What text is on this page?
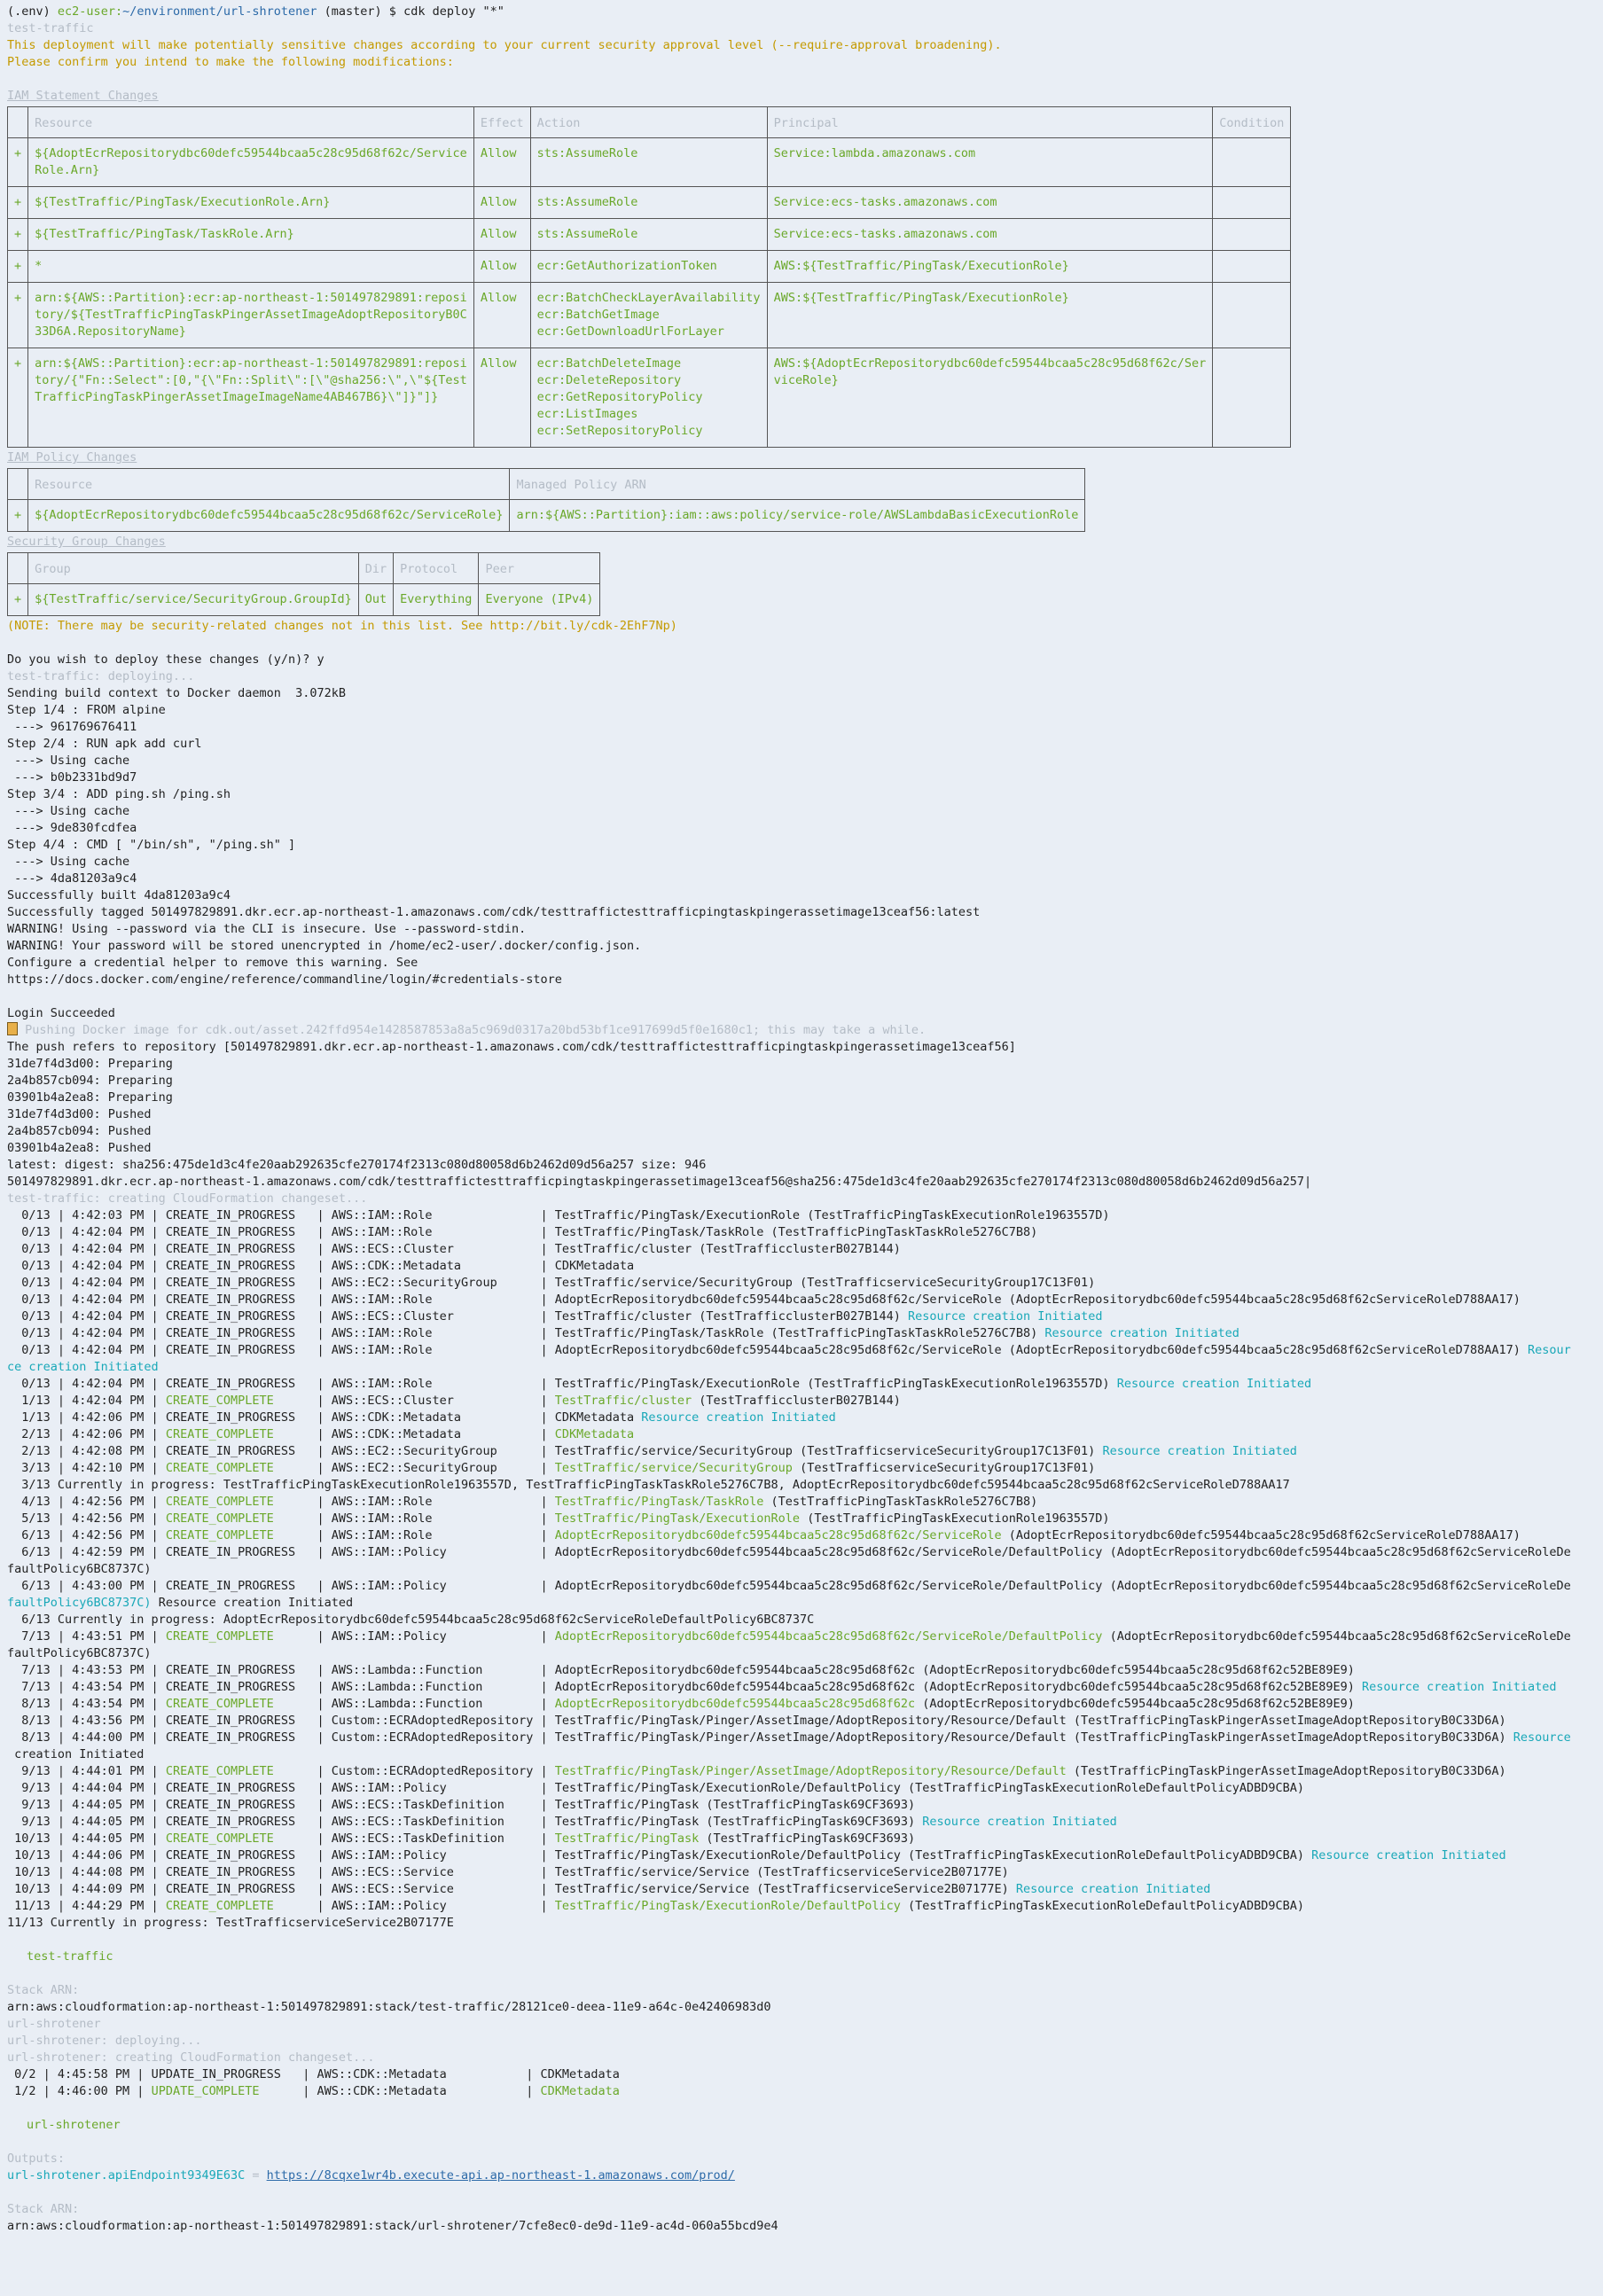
(.env) ec2-user:~/environment/url-shrotener (master) $ cdk deploy "*"
test-traffic
This deployment will make potentially sensitive changes according to your current security approval level (--require-approval broadening).
Please confirm you intend to make the following modifications:
IAM Statement Changes
	Resource	Effect	Action	Principal	Condition
+	${AdoptEcrRepositorydbc60defc59544bcaa5c28c95d68f62c/Service
Role.Arn}	Allow	sts:AssumeRole	Service:lambda.amazonaws.com	
+	${TestTraffic/PingTask/ExecutionRole.Arn}	Allow	sts:AssumeRole	Service:ecs-tasks.amazonaws.com	
+	${TestTraffic/PingTask/TaskRole.Arn}	Allow	sts:AssumeRole	Service:ecs-tasks.amazonaws.com	
+	*	Allow	ecr:GetAuthorizationToken	AWS:${TestTraffic/PingTask/ExecutionRole}	
+	arn:${AWS::Partition}:ecr:ap-northeast-1:501497829891:reposi
tory/${TestTrafficPingTaskPingerAssetImageAdoptRepositoryB0C
33D6A.RepositoryName}	Allow	ecr:BatchCheckLayerAvailability
ecr:BatchGetImage
ecr:GetDownloadUrlForLayer	AWS:${TestTraffic/PingTask/ExecutionRole}	
+	arn:${AWS::Partition}:ecr:ap-northeast-1:501497829891:reposi
tory/{"Fn::Select":[0,"{\"Fn::Split\":[\"@sha256:\",\"${Test
TrafficPingTaskPingerAssetImageImageName4AB467B6}\"]}"]}	Allow	ecr:BatchDeleteImage
ecr:DeleteRepository
ecr:GetRepositoryPolicy
ecr:ListImages
ecr:SetRepositoryPolicy	AWS:${AdoptEcrRepositorydbc60defc59544bcaa5c28c95d68f62c/Ser
viceRole}	
IAM Policy Changes
	Resource	Managed Policy ARN
+	${AdoptEcrRepositorydbc60defc59544bcaa5c28c95d68f62c/ServiceRole}	arn:${AWS::Partition}:iam::aws:policy/service-role/AWSLambdaBasicExecutionRole
Security Group Changes
	Group	Dir	Protocol	Peer
+	${TestTraffic/service/SecurityGroup.GroupId}	Out	Everything	Everyone (IPv4)
(NOTE: There may be security-related changes not in this list. See http://bit.ly/cdk-2EhF7Np)
Do you wish to deploy these changes (y/n)? y
test-traffic: deploying...
Sending build context to Docker daemon  3.072kB
Step 1/4 : FROM alpine
---> 961769676411
Step 2/4 : RUN apk add curl
---> Using cache
---> b0b2331bd9d7
Step 3/4 : ADD ping.sh /ping.sh
---> Using cache
---> 9de830fcdfea
Step 4/4 : CMD [ "/bin/sh", "/ping.sh" ]
---> Using cache
---> 4da81203a9c4
Successfully built 4da81203a9c4
Successfully tagged 501497829891.dkr.ecr.ap-northeast-1.amazonaws.com/cdk/testtraffictesttrafficpingtaskpingerassetimage13ceaf56:latest
WARNING! Using --password via the CLI is insecure. Use --password-stdin.
WARNING! Your password will be stored unencrypted in /home/ec2-user/.docker/config.json.
Configure a credential helper to remove this warning. See
https://docs.docker.com/engine/reference/commandline/login/#credentials-store
Login Succeeded
Pushing Docker image for cdk.out/asset.242ffd954e1428587853a8a5c969d0317a20bd53bf1ce917699d5f0e1680c1; this may take a while.
The push refers to repository [501497829891.dkr.ecr.ap-northeast-1.amazonaws.com/cdk/testtraffictesttrafficpingtaskpingerassetimage13ceaf56]
31de7f4d3d00: Preparing
2a4b857cb094: Preparing
03901b4a2ea8: Preparing
31de7f4d3d00: Pushed
2a4b857cb094: Pushed
03901b4a2ea8: Pushed
latest: digest: sha256:475de1d3c4fe20aab292635cfe270174f2313c080d80058d6b2462d09d56a257 size: 946
501497829891.dkr.ecr.ap-northeast-1.amazonaws.com/cdk/testtraffictesttrafficpingtaskpingerassetimage13ceaf56@sha256:475de1d3c4fe20aab292635cfe270174f2313c080d80058d6b2462d09d56a257|
test-traffic: creating CloudFormation changeset...
0/13 | 4:42:03 PM | CREATE_IN_PROGRESS   | AWS::IAM::Role               | TestTraffic/PingTask/ExecutionRole (TestTrafficPingTaskExecutionRole1963557D)
0/13 | 4:42:04 PM | CREATE_IN_PROGRESS   | AWS::IAM::Role               | TestTraffic/PingTask/TaskRole (TestTrafficPingTaskTaskRole5276C7B8)
0/13 | 4:42:04 PM | CREATE_IN_PROGRESS   | AWS::ECS::Cluster            | TestTraffic/cluster (TestTrafficclusterB027B144)
0/13 | 4:42:04 PM | CREATE_IN_PROGRESS   | AWS::CDK::Metadata           | CDKMetadata
0/13 | 4:42:04 PM | CREATE_IN_PROGRESS   | AWS::EC2::SecurityGroup      | TestTraffic/service/SecurityGroup (TestTrafficserviceSecurityGroup17C13F01)
0/13 | 4:42:04 PM | CREATE_IN_PROGRESS   | AWS::IAM::Role               | AdoptEcrRepositorydbc60defc59544bcaa5c28c95d68f62c/ServiceRole (AdoptEcrRepositorydbc60defc59544bcaa5c28c95d68f62cServiceRoleD788AA17)
0/13 | 4:42:04 PM | CREATE_IN_PROGRESS   | AWS::ECS::Cluster            | TestTraffic/cluster (TestTrafficclusterB027B144) Resource creation Initiated
0/13 | 4:42:04 PM | CREATE_IN_PROGRESS   | AWS::IAM::Role               | TestTraffic/PingTask/TaskRole (TestTrafficPingTaskTaskRole5276C7B8) Resource creation Initiated
0/13 | 4:42:04 PM | CREATE_IN_PROGRESS   | AWS::IAM::Role               | AdoptEcrRepositorydbc60defc59544bcaa5c28c95d68f62c/ServiceRole (AdoptEcrRepositorydbc60defc59544bcaa5c28c95d68f62cServiceRoleD788AA17) Resour
ce creation Initiated
0/13 | 4:42:04 PM | CREATE_IN_PROGRESS   | AWS::IAM::Role               | TestTraffic/PingTask/ExecutionRole (TestTrafficPingTaskExecutionRole1963557D) Resource creation Initiated
1/13 | 4:42:04 PM | CREATE_COMPLETE      | AWS::ECS::Cluster            | TestTraffic/cluster (TestTrafficclusterB027B144)
1/13 | 4:42:06 PM | CREATE_IN_PROGRESS   | AWS::CDK::Metadata           | CDKMetadata Resource creation Initiated
2/13 | 4:42:06 PM | CREATE_COMPLETE      | AWS::CDK::Metadata           | CDKMetadata
2/13 | 4:42:08 PM | CREATE_IN_PROGRESS   | AWS::EC2::SecurityGroup      | TestTraffic/service/SecurityGroup (TestTrafficserviceSecurityGroup17C13F01) Resource creation Initiated
3/13 | 4:42:10 PM | CREATE_COMPLETE      | AWS::EC2::SecurityGroup      | TestTraffic/service/SecurityGroup (TestTrafficserviceSecurityGroup17C13F01)
3/13 Currently in progress: TestTrafficPingTaskExecutionRole1963557D, TestTrafficPingTaskTaskRole5276C7B8, AdoptEcrRepositorydbc60defc59544bcaa5c28c95d68f62cServiceRoleD788AA17
4/13 | 4:42:56 PM | CREATE_COMPLETE      | AWS::IAM::Role               | TestTraffic/PingTask/TaskRole (TestTrafficPingTaskTaskRole5276C7B8)
5/13 | 4:42:56 PM | CREATE_COMPLETE      | AWS::IAM::Role               | TestTraffic/PingTask/ExecutionRole (TestTrafficPingTaskExecutionRole1963557D)
6/13 | 4:42:56 PM | CREATE_COMPLETE      | AWS::IAM::Role               | AdoptEcrRepositorydbc60defc59544bcaa5c28c95d68f62c/ServiceRole (AdoptEcrRepositorydbc60defc59544bcaa5c28c95d68f62cServiceRoleD788AA17)
6/13 | 4:42:59 PM | CREATE_IN_PROGRESS   | AWS::IAM::Policy             | AdoptEcrRepositorydbc60defc59544bcaa5c28c95d68f62c/ServiceRole/DefaultPolicy (AdoptEcrRepositorydbc60defc59544bcaa5c28c95d68f62cServiceRoleDe
faultPolicy6BC8737C)
6/13 | 4:43:00 PM | CREATE_IN_PROGRESS   | AWS::IAM::Policy             | AdoptEcrRepositorydbc60defc59544bcaa5c28c95d68f62c/ServiceRole/DefaultPolicy (AdoptEcrRepositorydbc60defc59544bcaa5c28c95d68f62cServiceRoleDe
faultPolicy6BC8737C) Resource creation Initiated
6/13 Currently in progress: AdoptEcrRepositorydbc60defc59544bcaa5c28c95d68f62cServiceRoleDefaultPolicy6BC8737C
7/13 | 4:43:51 PM | CREATE_COMPLETE      | AWS::IAM::Policy             | AdoptEcrRepositorydbc60defc59544bcaa5c28c95d68f62c/ServiceRole/DefaultPolicy (AdoptEcrRepositorydbc60defc59544bcaa5c28c95d68f62cServiceRoleDe
faultPolicy6BC8737C)
7/13 | 4:43:53 PM | CREATE_IN_PROGRESS   | AWS::Lambda::Function        | AdoptEcrRepositorydbc60defc59544bcaa5c28c95d68f62c (AdoptEcrRepositorydbc60defc59544bcaa5c28c95d68f62c52BE89E9)
7/13 | 4:43:54 PM | CREATE_IN_PROGRESS   | AWS::Lambda::Function        | AdoptEcrRepositorydbc60defc59544bcaa5c28c95d68f62c (AdoptEcrRepositorydbc60defc59544bcaa5c28c95d68f62c52BE89E9) Resource creation Initiated
8/13 | 4:43:54 PM | CREATE_COMPLETE      | AWS::Lambda::Function        | AdoptEcrRepositorydbc60defc59544bcaa5c28c95d68f62c (AdoptEcrRepositorydbc60defc59544bcaa5c28c95d68f62c52BE89E9)
8/13 | 4:43:56 PM | CREATE_IN_PROGRESS   | Custom::ECRAdoptedRepository | TestTraffic/PingTask/Pinger/AssetImage/AdoptRepository/Resource/Default (TestTrafficPingTaskPingerAssetImageAdoptRepositoryB0C33D6A)
8/13 | 4:44:00 PM | CREATE_IN_PROGRESS   | Custom::ECRAdoptedRepository | TestTraffic/PingTask/Pinger/AssetImage/AdoptRepository/Resource/Default (TestTrafficPingTaskPingerAssetImageAdoptRepositoryB0C33D6A) Resource
creation Initiated
9/13 | 4:44:01 PM | CREATE_COMPLETE      | Custom::ECRAdoptedRepository | TestTraffic/PingTask/Pinger/AssetImage/AdoptRepository/Resource/Default (TestTrafficPingTaskPingerAssetImageAdoptRepositoryB0C33D6A)
9/13 | 4:44:04 PM | CREATE_IN_PROGRESS   | AWS::IAM::Policy             | TestTraffic/PingTask/ExecutionRole/DefaultPolicy (TestTrafficPingTaskExecutionRoleDefaultPolicyADBD9CBA)
9/13 | 4:44:05 PM | CREATE_IN_PROGRESS   | AWS::ECS::TaskDefinition     | TestTraffic/PingTask (TestTrafficPingTask69CF3693)
9/13 | 4:44:05 PM | CREATE_IN_PROGRESS   | AWS::ECS::TaskDefinition     | TestTraffic/PingTask (TestTrafficPingTask69CF3693) Resource creation Initiated
10/13 | 4:44:05 PM | CREATE_COMPLETE      | AWS::ECS::TaskDefinition     | TestTraffic/PingTask (TestTrafficPingTask69CF3693)
10/13 | 4:44:06 PM | CREATE_IN_PROGRESS   | AWS::IAM::Policy             | TestTraffic/PingTask/ExecutionRole/DefaultPolicy (TestTrafficPingTaskExecutionRoleDefaultPolicyADBD9CBA) Resource creation Initiated
10/13 | 4:44:08 PM | CREATE_IN_PROGRESS   | AWS::ECS::Service            | TestTraffic/service/Service (TestTrafficserviceService2B07177E)
10/13 | 4:44:09 PM | CREATE_IN_PROGRESS   | AWS::ECS::Service            | TestTraffic/service/Service (TestTrafficserviceService2B07177E) Resource creation Initiated
11/13 | 4:44:29 PM | CREATE_COMPLETE      | AWS::IAM::Policy             | TestTraffic/PingTask/ExecutionRole/DefaultPolicy (TestTrafficPingTaskExecutionRoleDefaultPolicyADBD9CBA)
11/13 Currently in progress: TestTrafficserviceService2B07177E
test-traffic
Stack ARN:
arn:aws:cloudformation:ap-northeast-1:501497829891:stack/test-traffic/28121ce0-deea-11e9-a64c-0e42406983d0
url-shrotener
url-shrotener: deploying...
url-shrotener: creating CloudFormation changeset...
0/2 | 4:45:58 PM | UPDATE_IN_PROGRESS   | AWS::CDK::Metadata           | CDKMetadata
1/2 | 4:46:00 PM | UPDATE_COMPLETE      | AWS::CDK::Metadata           | CDKMetadata
url-shrotener
Outputs:
url-shrotener.apiEndpoint9349E63C = https://8cqxe1wr4b.execute-api.ap-northeast-1.amazonaws.com/prod/
Stack ARN:
arn:aws:cloudformation:ap-northeast-1:501497829891:stack/url-shrotener/7cfe8ec0-de9d-11e9-ac4d-060a55bcd9e4
